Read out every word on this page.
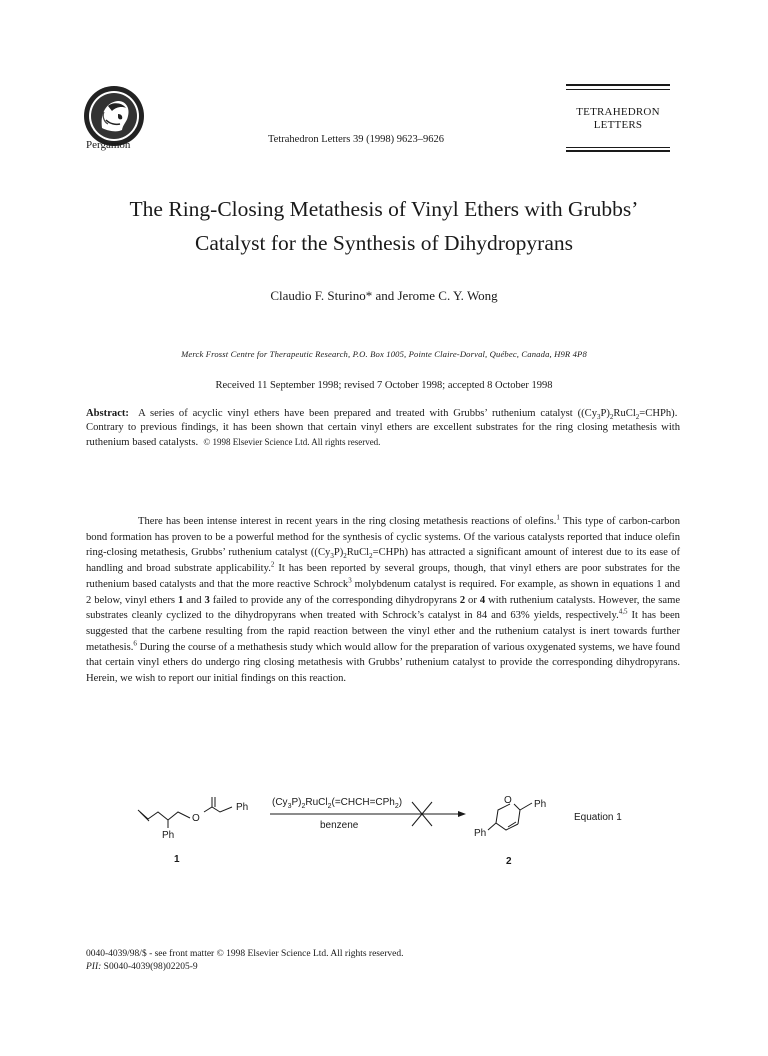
Pergamon	Tetrahedron Letters 39 (1998) 9623–9626
TETRAHEDRON
LETTERS
The Ring-Closing Metathesis of Vinyl Ethers with Grubbs’
Catalyst for the Synthesis of Dihydropyrans
Claudio F. Sturino* and Jerome C. Y. Wong
Merck Frosst Centre for Therapeutic Research, P.O. Box 1005, Pointe Claire-Dorval, Québec, Canada, H9R 4P8
Received 11 September 1998; revised 7 October 1998; accepted 8 October 1998
Abstract: A series of acyclic vinyl ethers have been prepared and treated with Grubbs’ ruthenium catalyst $((Cy_3P)_2RuCl_2=CHPh)$.  Contrary to previous findings, it has been shown that certain vinyl ethers are excellent substrates for the ring closing metathesis with ruthenium based catalysts. © 1998 Elsevier Science Ltd. All rights reserved.

There has been intense interest in recent years in the ring closing metathesis reactions of olefins.$^1$ This type of carbon-carbon bond formation has proven to be a powerful method for the synthesis of cyclic systems. Of the various catalysts reported that induce olefin ring-closing metathesis, Grubbs’ ruthenium catalyst $((Cy_3P)_2RuCl_2=CHPh)$ has attracted a significant amount of interest due to its ease of handling and broad substrate applicability.$^2$ It has been reported by several groups, though, that vinyl ethers are poor substrates for the ruthenium based catalysts and that the more reactive Schrock$^3$ molybdenum catalyst is required. For example, as shown in equations 1 and 2 below, vinyl ethers 1 and 3 failed to provide any of the corresponding dihydropyrans 2 or 4 with ruthenium catalysts. However, the same substrates cleanly cyclized to the dihydropyrans when treated with Schrock’s catalyst in 84 and 63% yields, respectively.$^{4,5}$ It has been suggested that the carbene resulting from the rapid reaction between the vinyl ether and the ruthenium catalyst is inert towards further metathesis.$^6$ During the course of a methathesis study which would allow for the preparation of various oxygenated systems, we have found that certain vinyl ethers do undergo ring closing metathesis with Grubbs’ ruthenium catalyst to provide the corresponding dihydropyrans. Herein, we wish to report our initial findings on this reaction.

O
Ph
Ph
$(Cy_3P)_2RuCl_2(=CHCH=CPh_2)$
benzene
O Ph
Ph
Equation 1
1	2
0040-4039/98/$ - see front matter © 1998 Elsevier Science Ltd. All rights reserved.
PII: S0040-4039(98)02205-9
